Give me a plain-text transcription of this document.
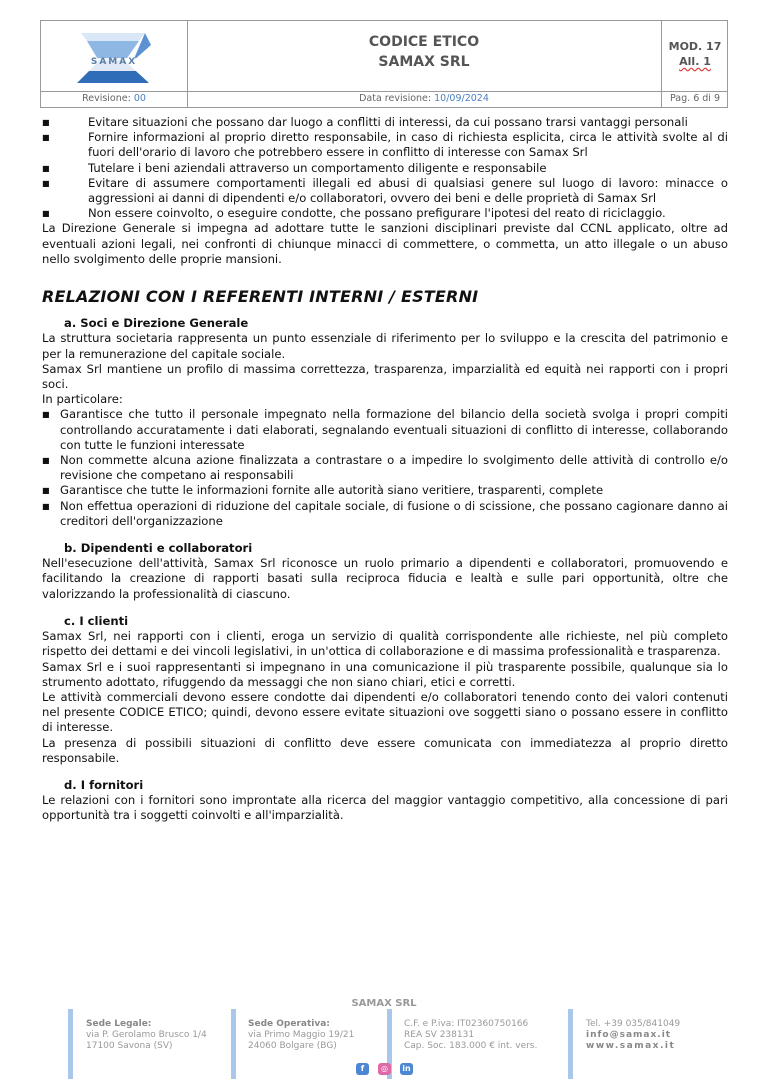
SAMAX
CODICE ETICO
SAMAX SRL
MOD. 17
All. 1
Revisione: 00	Data revisione: 10/09/2024	Pag. 6 di 9
■	Evitare situazioni che possano dar luogo a conflitti di interessi, da cui possano trarsi vantaggi personali
■	Fornire informazioni al proprio diretto responsabile, in caso di richiesta esplicita, circa le attività svolte al di fuori dell'orario di lavoro che potrebbero essere in conflitto di interesse con Samax Srl
■	Tutelare i beni aziendali attraverso un comportamento diligente e responsabile
■	Evitare di assumere comportamenti illegali ed abusi di qualsiasi genere sul luogo di lavoro: minacce o aggressioni ai danni di dipendenti e/o collaboratori, ovvero dei beni e delle proprietà di Samax Srl
■	Non essere coinvolto, o eseguire condotte, che possano prefigurare l'ipotesi del reato di riciclaggio.

La Direzione Generale si impegna ad adottare tutte le sanzioni disciplinari previste dal CCNL applicato, oltre ad eventuali azioni legali, nei confronti di chiunque minacci di commettere, o commetta, un atto illegale o un abuso nello svolgimento delle proprie mansioni.

RELAZIONI CON I REFERENTI INTERNI / ESTERNI
a. Soci e Direzione Generale

La struttura societaria rappresenta un punto essenziale di riferimento per lo sviluppo e la crescita del patrimonio e per la remunerazione del capitale sociale.

Samax Srl mantiene un profilo di massima correttezza, trasparenza, imparzialità ed equità nei rapporti con i propri soci.

In particolare:

■ Garantisce che tutto il personale impegnato nella formazione del bilancio della società svolga i propri compiti controllando accuratamente i dati elaborati, segnalando eventuali situazioni di conflitto di interesse, collaborando con tutte le funzioni interessate
■ Non commette alcuna azione finalizzata a contrastare o a impedire lo svolgimento delle attività di controllo e/o revisione che competano ai responsabili
■ Garantisce che tutte le informazioni fornite alle autorità siano veritiere, trasparenti, complete
■ Non effettua operazioni di riduzione del capitale sociale, di fusione o di scissione, che possano cagionare danno ai creditori dell'organizzazione
b. Dipendenti e collaboratori

Nell'esecuzione dell'attività, Samax Srl riconosce un ruolo primario a dipendenti e collaboratori, promuovendo e facilitando la creazione di rapporti basati sulla reciproca fiducia e lealtà e sulle pari opportunità, oltre che valorizzando la professionalità di ciascuno.

c. I clienti

Samax Srl, nei rapporti con i clienti, eroga un servizio di qualità corrispondente alle richieste, nel più completo rispetto dei dettami e dei vincoli legislativi, in un'ottica di collaborazione e di massima professionalità e trasparenza.

Samax Srl e i suoi rappresentanti si impegnano in una comunicazione il più trasparente possibile, qualunque sia lo strumento adottato, rifuggendo da messaggi che non siano chiari, etici e corretti.

Le attività commerciali devono essere condotte dai dipendenti e/o collaboratori tenendo conto dei valori contenuti nel presente CODICE ETICO; quindi, devono essere evitate situazioni ove soggetti siano o possano essere in conflitto di interesse.

La presenza di possibili situazioni di conflitto deve essere comunicata con immediatezza al proprio diretto responsabile.

d. I fornitori

Le relazioni con i fornitori sono improntate alla ricerca del maggior vantaggio competitivo, alla concessione di pari opportunità tra i soggetti coinvolti e all'imparzialità.

SAMAX SRL
Sede Legale:
via P. Gerolamo Brusco 1/4
17100 Savona (SV)
Sede Operativa:
via Primo Maggio 19/21
24060 Bolgare (BG)
C.F. e P.iva: IT02360750166
REA SV 238131
Cap. Soc. 183.000 € int. vers.
Tel. +39 035/841049
info@samax.it
www.samax.it
f	◎	in
